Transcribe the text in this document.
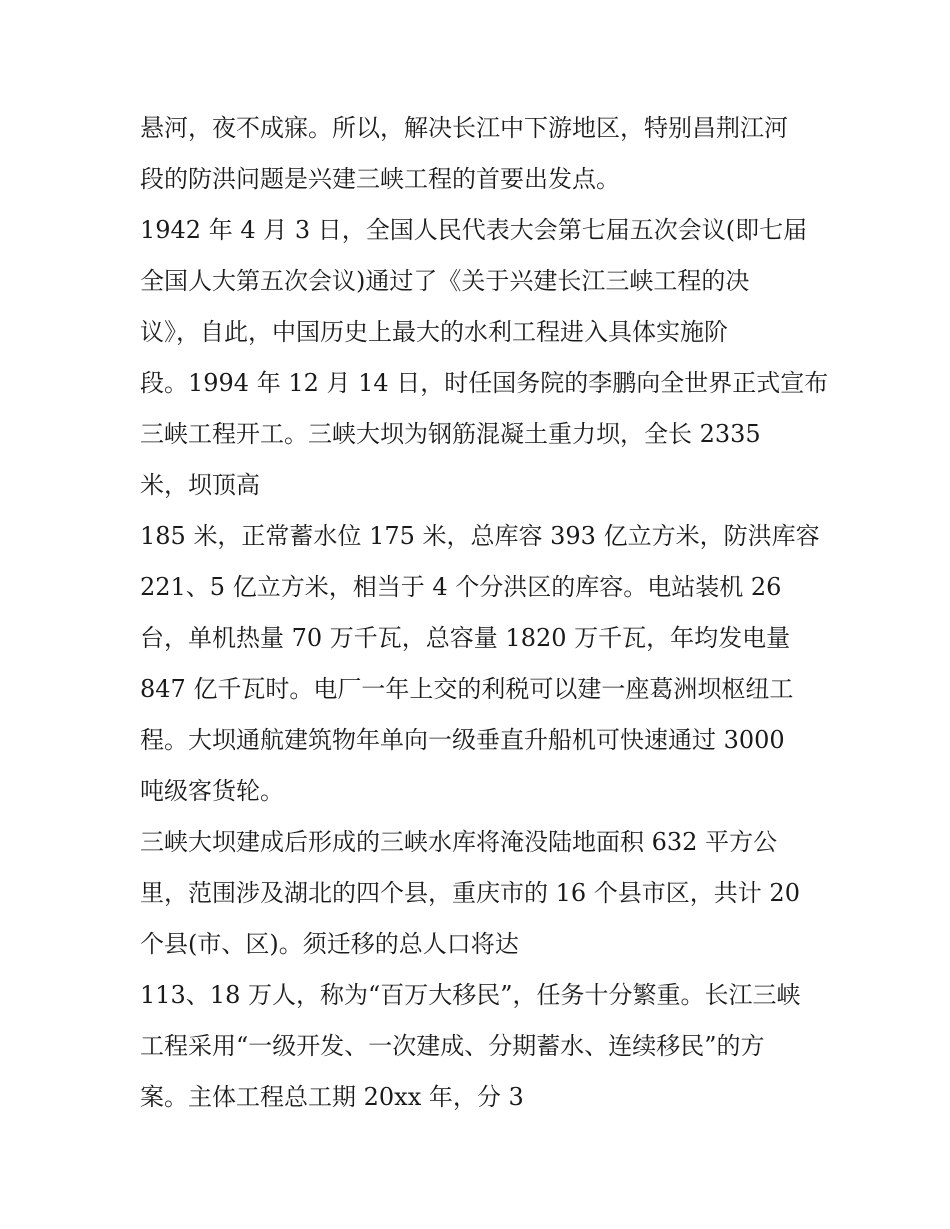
悬河，夜不成寐。所以，解决长江中下游地区，特别昌荆江河
段的防洪问题是兴建三峡工程的首要出发点。
1942 年 4 月 3 日，全国人民代表大会第七届五次会议(即七届
全国人大第五次会议)通过了《关于兴建长江三峡工程的决
议》，自此，中国历史上最大的水利工程进入具体实施阶
段。1994 年 12 月 14 日，时任国务院的李鹏向全世界正式宣布
三峡工程开工。三峡大坝为钢筋混凝土重力坝，全长 2335
米，坝顶高
185 米，正常蓄水位 175 米，总库容 393 亿立方米，防洪库容
221、5 亿立方米，相当于 4 个分洪区的库容。电站装机 26
台，单机热量 70 万千瓦，总容量 1820 万千瓦，年均发电量
847 亿千瓦时。电厂一年上交的利税可以建一座葛洲坝枢纽工
程。大坝通航建筑物年单向一级垂直升船机可快速通过 3000
吨级客货轮。
三峡大坝建成后形成的三峡水库将淹没陆地面积 632 平方公
里，范围涉及湖北的四个县，重庆市的 16 个县市区，共计 20
个县(市、区)。须迁移的总人口将达
113、18 万人，称为“百万大移民”，任务十分繁重。长江三峡
工程采用“一级开发、一次建成、分期蓄水、连续移民”的方
案。主体工程总工期 20xx 年，分 3
